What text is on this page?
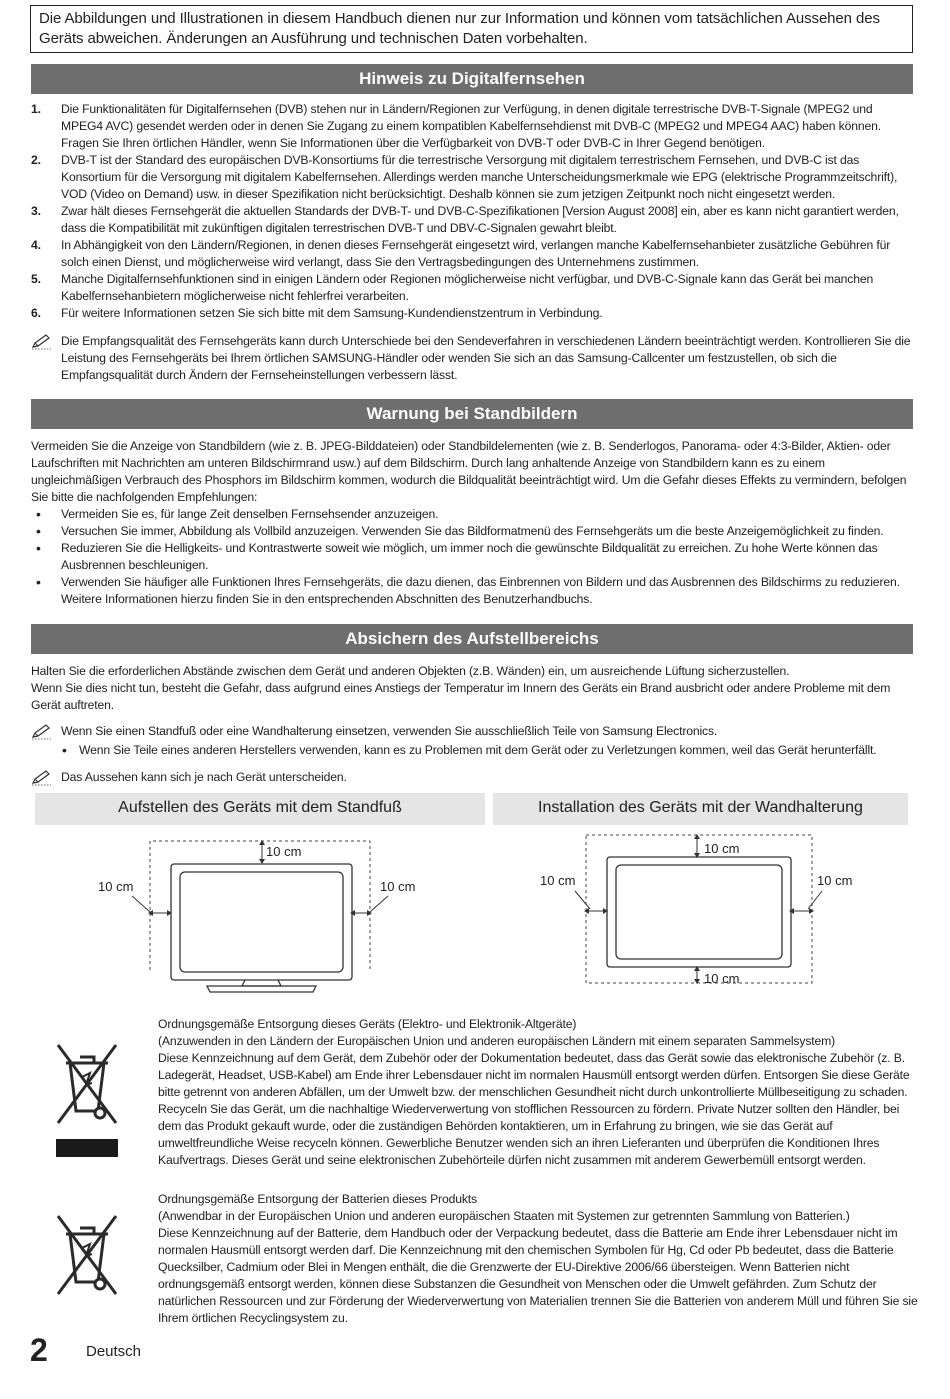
Die Abbildungen und Illustrationen in diesem Handbuch dienen nur zur Information und können vom tatsächlichen Aussehen des Geräts abweichen. Änderungen an Ausführung und technischen Daten vorbehalten.
Hinweis zu Digitalfernsehen
1. Die Funktionalitäten für Digitalfernsehen (DVB) stehen nur in Ländern/Regionen zur Verfügung, in denen digitale terrestrische DVB-T-Signale (MPEG2 und MPEG4 AVC) gesendet werden oder in denen Sie Zugang zu einem kompatiblen Kabelfernsehdienst mit DVB-C (MPEG2 und MPEG4 AAC) haben können. Fragen Sie Ihren örtlichen Händler, wenn Sie Informationen über die Verfügbarkeit von DVB-T oder DVB-C in Ihrer Gegend benötigen.
2. DVB-T ist der Standard des europäischen DVB-Konsortiums für die terrestrische Versorgung mit digitalem terrestrischem Fernsehen, und DVB-C ist das Konsortium für die Versorgung mit digitalem Kabelfernsehen. Allerdings werden manche Unterscheidungsmerkmale wie EPG (elektrische Programmzeitschrift), VOD (Video on Demand) usw. in dieser Spezifikation nicht berücksichtigt. Deshalb können sie zum jetzigen Zeitpunkt noch nicht eingesetzt werden.
3. Zwar hält dieses Fernsehgerät die aktuellen Standards der DVB-T- und DVB-C-Spezifikationen [Version August 2008] ein, aber es kann nicht garantiert werden, dass die Kompatibilität mit zukünftigen digitalen terrestrischen DVB-T und DBV-C-Signalen gewahrt bleibt.
4. In Abhängigkeit von den Ländern/Regionen, in denen dieses Fernsehgerät eingesetzt wird, verlangen manche Kabelfernsehanbieter zusätzliche Gebühren für solch einen Dienst, und möglicherweise wird verlangt, dass Sie den Vertragsbedingungen des Unternehmens zustimmen.
5. Manche Digitalfernsehfunktionen sind in einigen Ländern oder Regionen möglicherweise nicht verfügbar, und DVB-C-Signale kann das Gerät bei manchen Kabelfernsehanbietern möglicherweise nicht fehlerfrei verarbeiten.
6. Für weitere Informationen setzen Sie sich bitte mit dem Samsung-Kundendienstzentrum in Verbindung.
Die Empfangsqualität des Fernsehgeräts kann durch Unterschiede bei den Sendeverfahren in verschiedenen Ländern beeinträchtigt werden. Kontrollieren Sie die Leistung des Fernsehgeräts bei Ihrem örtlichen SAMSUNG-Händler oder wenden Sie sich an das Samsung-Callcenter um festzustellen, ob sich die Empfangsqualität durch Ändern der Fernseheinstellungen verbessern lässt.
Warnung bei Standbildern
Vermeiden Sie die Anzeige von Standbildern (wie z. B. JPEG-Bilddateien) oder Standbildelementen (wie z. B. Senderlogos, Panorama- oder 4:3-Bilder, Aktien- oder Laufschriften mit Nachrichten am unteren Bildschirmrand usw.) auf dem Bildschirm. Durch lang anhaltende Anzeige von Standbildern kann es zu einem ungleichmäßigen Verbrauch des Phosphors im Bildschirm kommen, wodurch die Bildqualität beeinträchtigt wird. Um die Gefahr dieses Effekts zu vermindern, befolgen Sie bitte die nachfolgenden Empfehlungen:
• Vermeiden Sie es, für lange Zeit denselben Fernsehsender anzuzeigen.
• Versuchen Sie immer, Abbildung als Vollbild anzuzeigen. Verwenden Sie das Bildformatmenü des Fernsehgeräts um die beste Anzeigemöglichkeit zu finden.
• Reduzieren Sie die Helligkeits- und Kontrastwerte soweit wie möglich, um immer noch die gewünschte Bildqualität zu erreichen. Zu hohe Werte können das Ausbrennen beschleunigen.
• Verwenden Sie häufiger alle Funktionen Ihres Fernsehgeräts, die dazu dienen, das Einbrennen von Bildern und das Ausbrennen des Bildschirms zu reduzieren. Weitere Informationen hierzu finden Sie in den entsprechenden Abschnitten des Benutzerhandbuchs.
Absichern des Aufstellbereichs
Halten Sie die erforderlichen Abstände zwischen dem Gerät und anderen Objekten (z.B. Wänden) ein, um ausreichende Lüftung sicherzustellen.
Wenn Sie dies nicht tun, besteht die Gefahr, dass aufgrund eines Anstiegs der Temperatur im Innern des Geräts ein Brand ausbricht oder andere Probleme mit dem Gerät auftreten.
Wenn Sie einen Standfuß oder eine Wandhalterung einsetzen, verwenden Sie ausschließlich Teile von Samsung Electronics.
• Wenn Sie Teile eines anderen Herstellers verwenden, kann es zu Problemen mit dem Gerät oder zu Verletzungen kommen, weil das Gerät herunterfällt.
Das Aussehen kann sich je nach Gerät unterscheiden.
Aufstellen des Geräts mit dem Standfuß	Installation des Geräts mit der Wandhalterung
10 cm
10 cm	10 cm
10 cm
10 cm	10 cm
10 cm
Ordnungsgemäße Entsorgung dieses Geräts (Elektro- und Elektronik-Altgeräte)
(Anzuwenden in den Ländern der Europäischen Union und anderen europäischen Ländern mit einem separaten Sammelsystem)
Diese Kennzeichnung auf dem Gerät, dem Zubehör oder der Dokumentation bedeutet, dass das Gerät sowie das elektronische Zubehör (z. B. Ladegerät, Headset, USB-Kabel) am Ende ihrer Lebensdauer nicht im normalen Hausmüll entsorgt werden dürfen. Entsorgen Sie diese Geräte bitte getrennt von anderen Abfällen, um der Umwelt bzw. der menschlichen Gesundheit nicht durch unkontrollierte Müllbeseitigung zu schaden. Recyceln Sie das Gerät, um die nachhaltige Wiederverwertung von stofflichen Ressourcen zu fördern. Private Nutzer sollten den Händler, bei dem das Produkt gekauft wurde, oder die zuständigen Behörden kontaktieren, um in Erfahrung zu bringen, wie sie das Gerät auf umweltfreundliche Weise recyceln können. Gewerbliche Benutzer wenden sich an ihren Lieferanten und überprüfen die Konditionen Ihres Kaufvertrags. Dieses Gerät und seine elektronischen Zubehörteile dürfen nicht zusammen mit anderem Gewerbemüll entsorgt werden.
Ordnungsgemäße Entsorgung der Batterien dieses Produkts
(Anwendbar in der Europäischen Union und anderen europäischen Staaten mit Systemen zur getrennten Sammlung von Batterien.)
Diese Kennzeichnung auf der Batterie, dem Handbuch oder der Verpackung bedeutet, dass die Batterie am Ende ihrer Lebensdauer nicht im normalen Hausmüll entsorgt werden darf. Die Kennzeichnung mit den chemischen Symbolen für Hg, Cd oder Pb bedeutet, dass die Batterie Quecksilber, Cadmium oder Blei in Mengen enthält, die die Grenzwerte der EU-Direktive 2006/66 übersteigen. Wenn Batterien nicht ordnungsgemäß entsorgt werden, können diese Substanzen die Gesundheit von Menschen oder die Umwelt gefährden. Zum Schutz der natürlichen Ressourcen und zur Förderung der Wiederverwertung von Materialien trennen Sie die Batterien von anderem Müll und führen Sie sie Ihrem örtlichen Recyclingsystem zu.
2	Deutsch
